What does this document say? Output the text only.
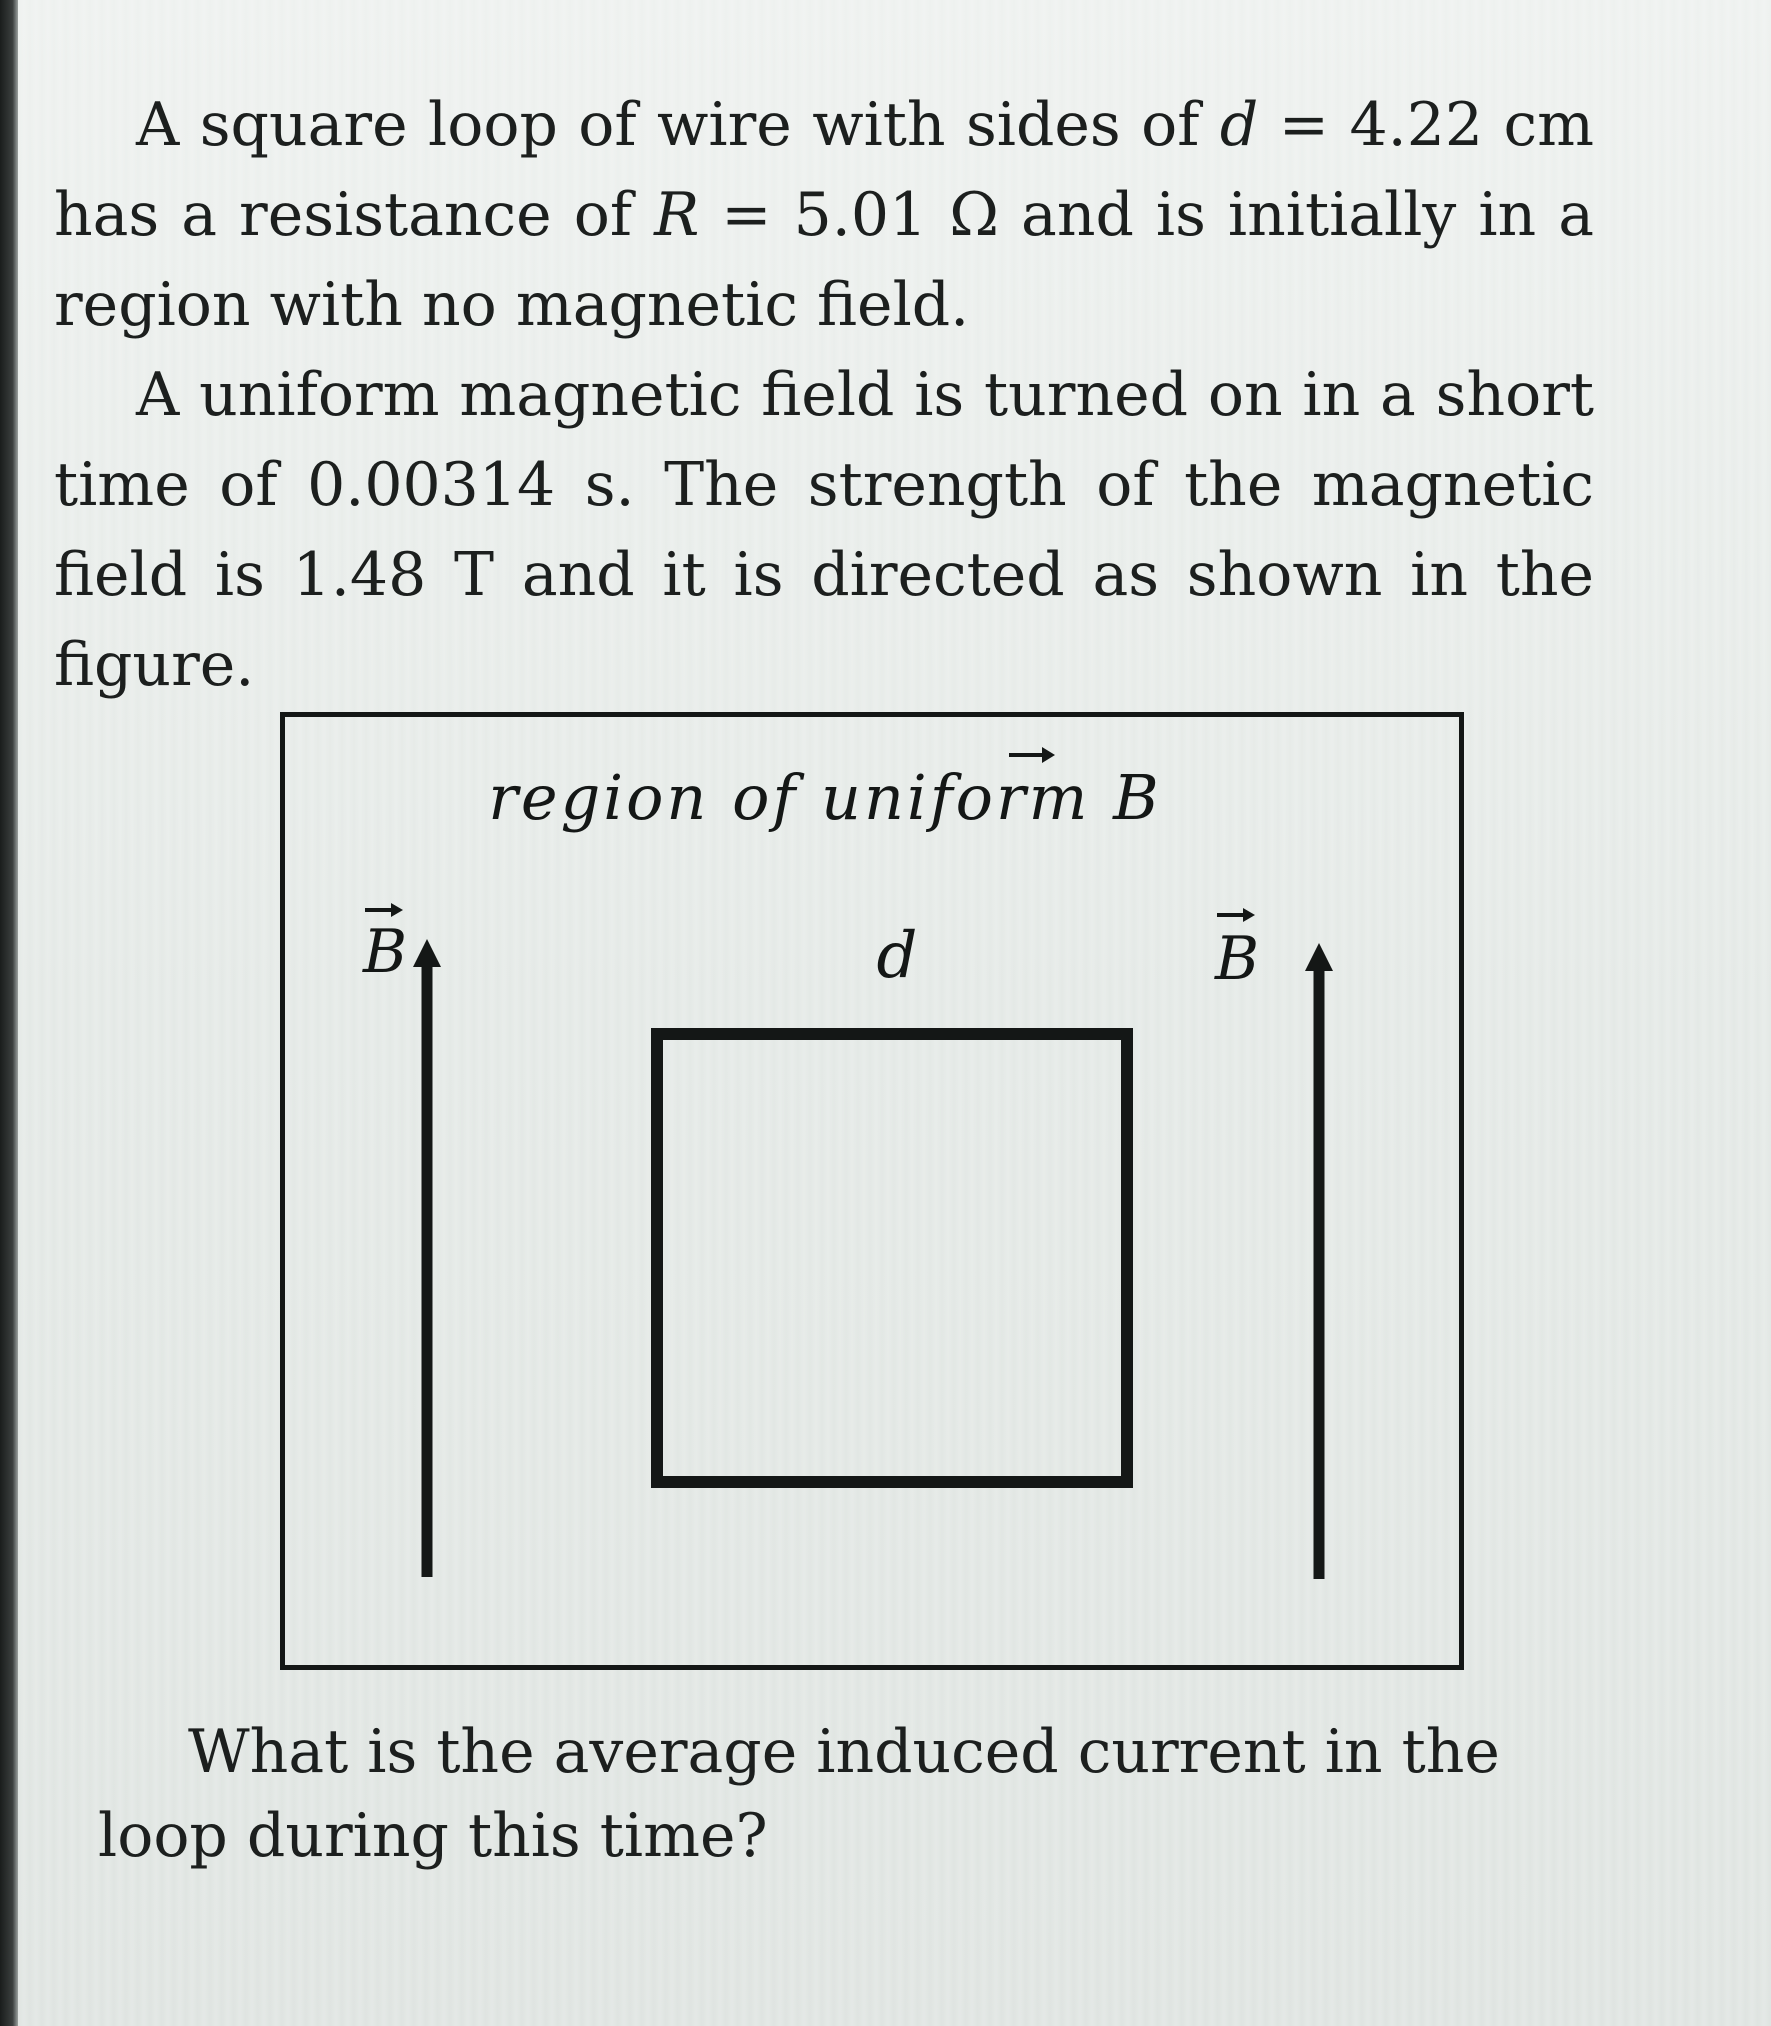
A square loop of wire with sides of d = 4.22 cm has a resistance of R = 5.01 Ω and is initially in a region with no magnetic field.

A uniform magnetic field is turned on in a short time of 0.00314 s. The strength of the magnetic field is 1.48 T and it is directed as shown in the figure.

region of uniform B
B	d	B

What is the average induced current in the loop during this time?
